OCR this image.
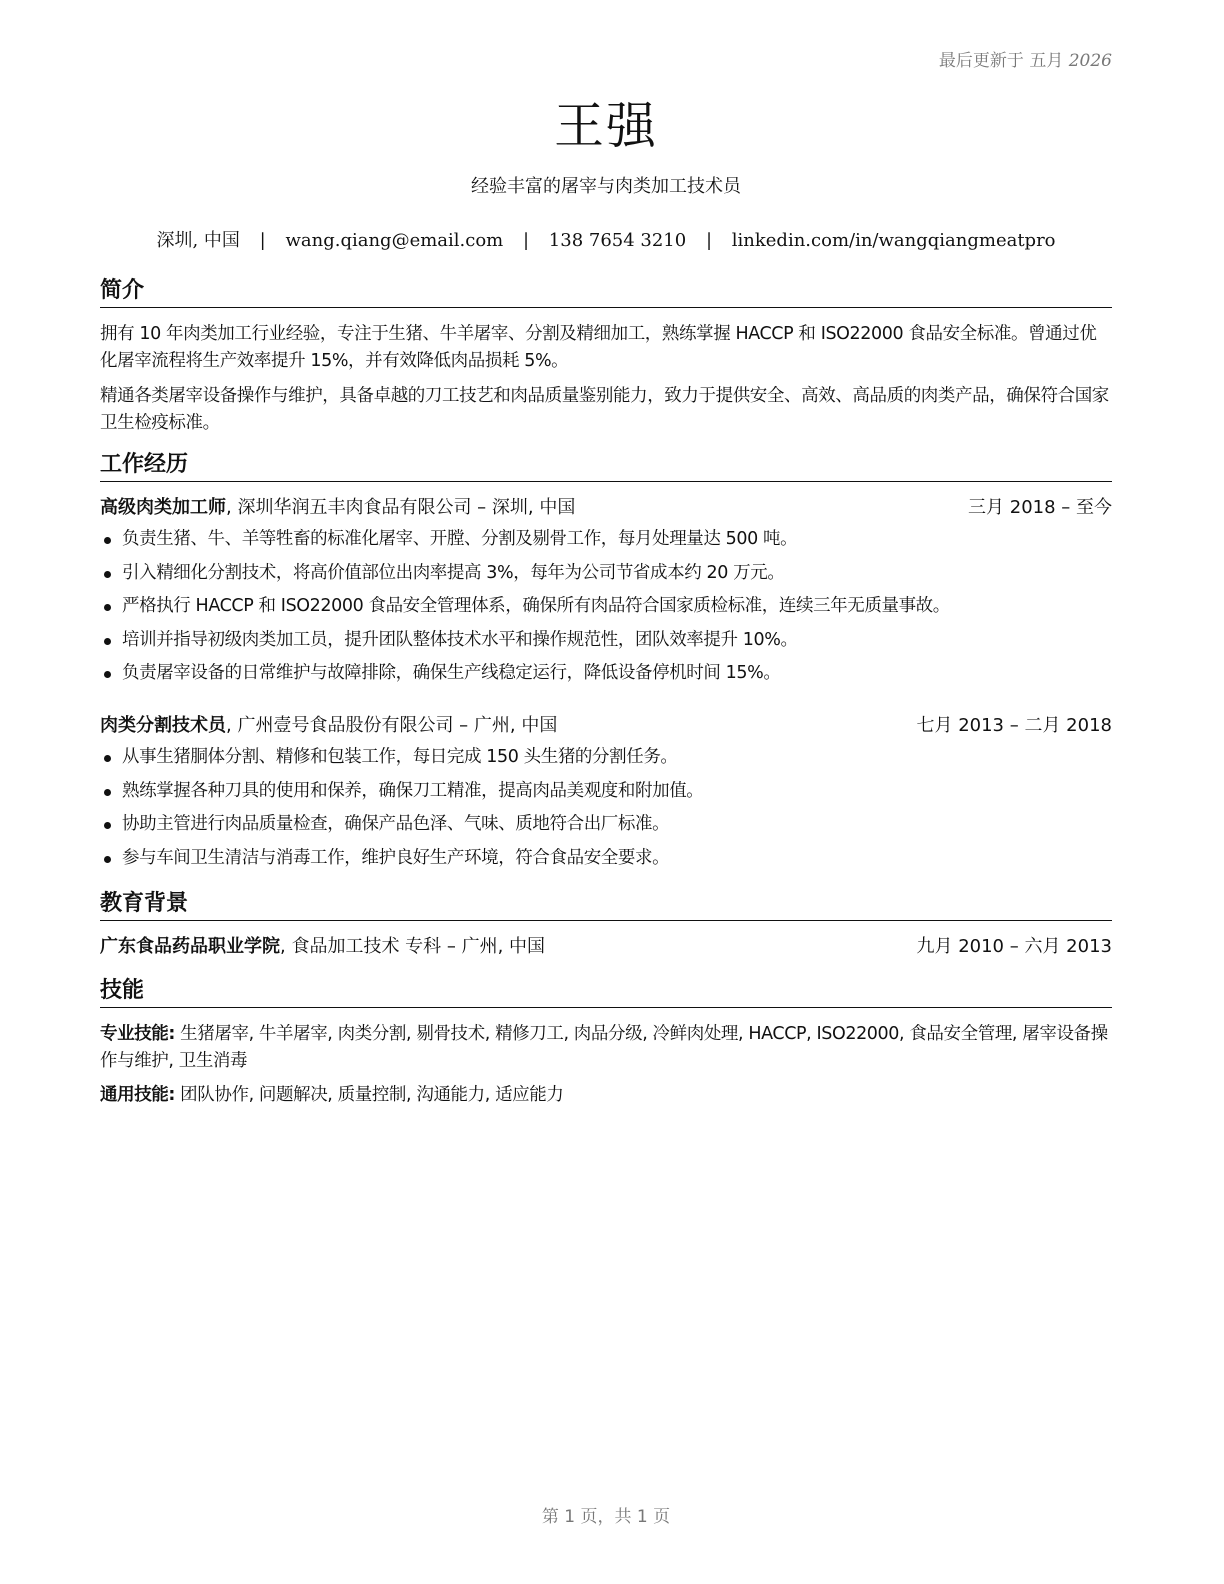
最后更新于 五月 2026
王强
经验丰富的屠宰与肉类加工技术员
深圳, 中国 | wang.qiang@email.com | 138 7654 3210 | linkedin.com/in/wangqiangmeatpro
简介
拥有 10 年肉类加工行业经验，专注于生猪、牛羊屠宰、分割及精细加工，熟练掌握 HACCP 和 ISO22000 食品安全标准。曾通过优化屠宰流程将生产效率提升 15%，并有效降低肉品损耗 5%。
精通各类屠宰设备操作与维护，具备卓越的刀工技艺和肉品质量鉴别能力，致力于提供安全、高效、高品质的肉类产品，确保符合国家卫生检疫标准。
工作经历
高级肉类加工师, 深圳华润五丰肉食品有限公司 – 深圳, 中国	三月 2018 – 至今
负责生猪、牛、羊等牲畜的标准化屠宰、开膛、分割及剔骨工作，每月处理量达 500 吨。
引入精细化分割技术，将高价值部位出肉率提高 3%，每年为公司节省成本约 20 万元。
严格执行 HACCP 和 ISO22000 食品安全管理体系，确保所有肉品符合国家质检标准，连续三年无质量事故。
培训并指导初级肉类加工员，提升团队整体技术水平和操作规范性，团队效率提升 10%。
负责屠宰设备的日常维护与故障排除，确保生产线稳定运行，降低设备停机时间 15%。
肉类分割技术员, 广州壹号食品股份有限公司 – 广州, 中国	七月 2013 – 二月 2018
从事生猪胴体分割、精修和包装工作，每日完成 150 头生猪的分割任务。
熟练掌握各种刀具的使用和保养，确保刀工精准，提高肉品美观度和附加值。
协助主管进行肉品质量检查，确保产品色泽、气味、质地符合出厂标准。
参与车间卫生清洁与消毒工作，维护良好生产环境，符合食品安全要求。
教育背景
广东食品药品职业学院, 食品加工技术 专科 – 广州, 中国	九月 2010 – 六月 2013
技能
专业技能: 生猪屠宰, 牛羊屠宰, 肉类分割, 剔骨技术, 精修刀工, 肉品分级, 冷鲜肉处理, HACCP, ISO22000, 食品安全管理, 屠宰设备操作与维护, 卫生消毒
通用技能: 团队协作, 问题解决, 质量控制, 沟通能力, 适应能力
第 1 页，共 1 页
